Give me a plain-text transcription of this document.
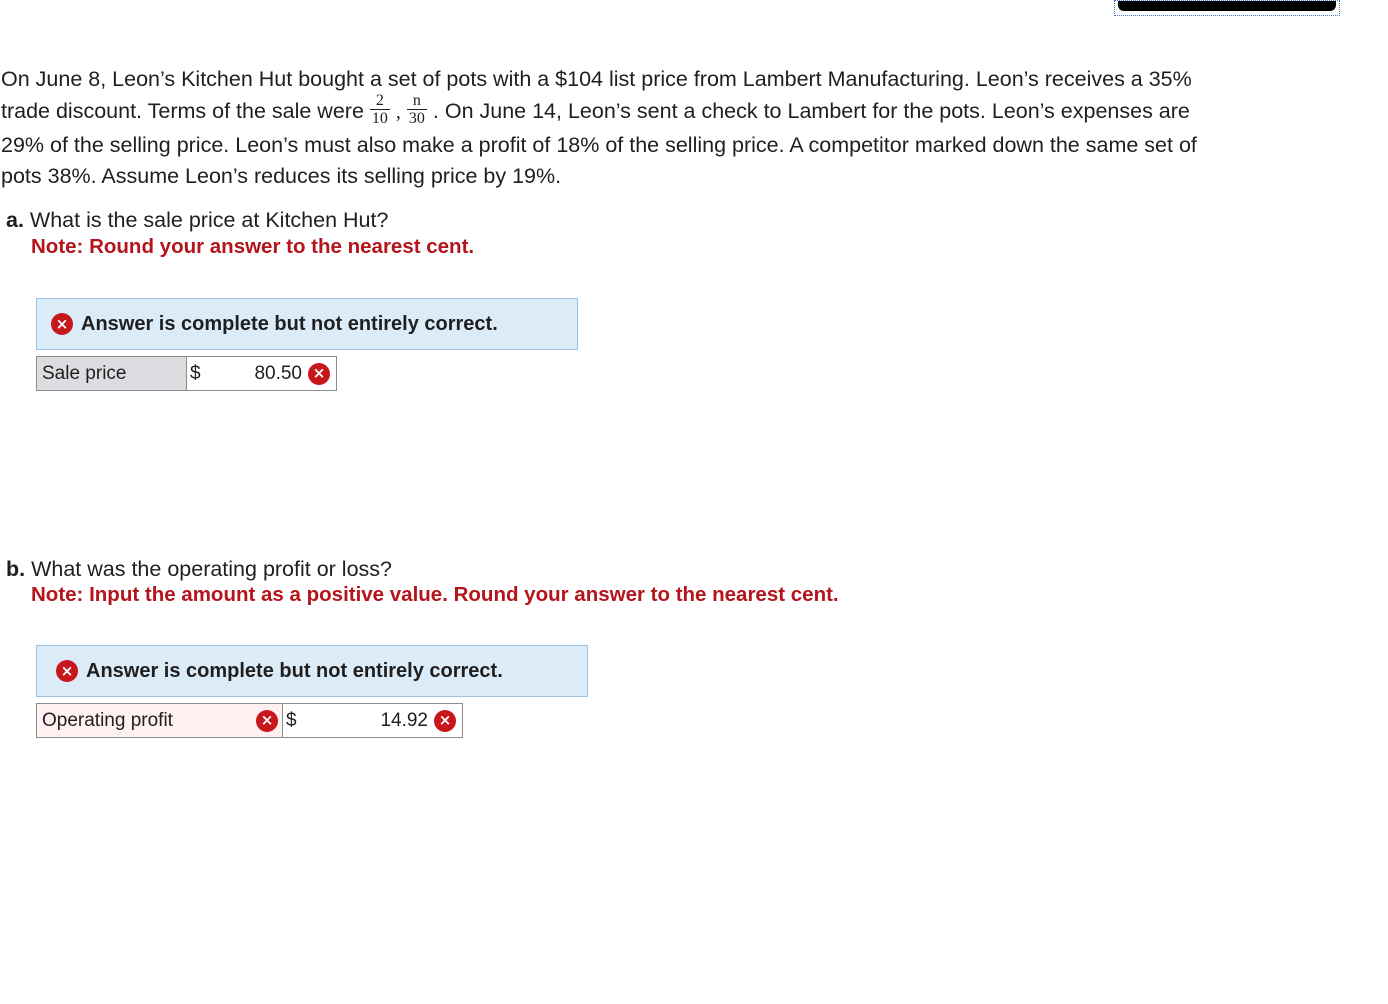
On June 8, Leon’s Kitchen Hut bought a set of pots with a $104 list price from Lambert Manufacturing. Leon’s receives a 35%
trade discount. Terms of the sale were $\frac{2}{10}$ , $\frac{n}{30}$ . On June 14, Leon’s sent a check to Lambert for the pots. Leon’s expenses are
29% of the selling price. Leon’s must also make a profit of 18% of the selling price. A competitor marked down the same set of
pots 38%. Assume Leon’s reduces its selling price by 19%.

a. What is the sale price at Kitchen Hut?
Note: Round your answer to the nearest cent.
× Answer is complete but not entirely correct.
Sale price	$	80.50 ×
b. What was the operating profit or loss?
Note: Input the amount as a positive value. Round your answer to the nearest cent.
× Answer is complete but not entirely correct.
Operating profit	× $	14.92 ×
